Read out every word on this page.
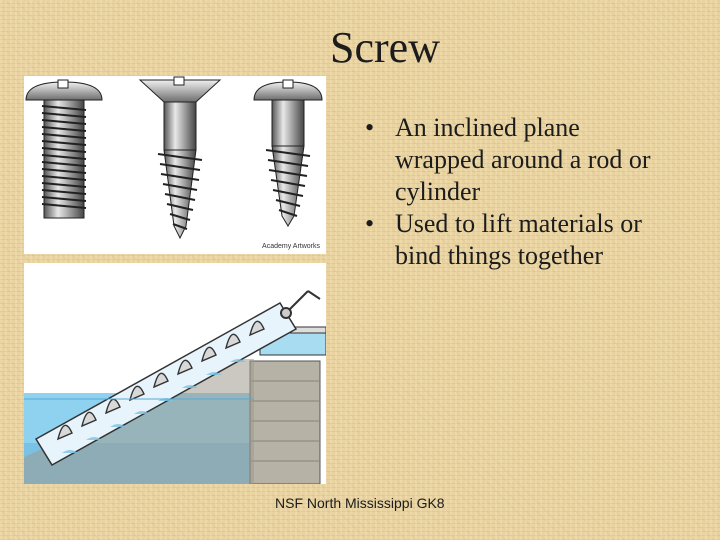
Screw
Academy Artworks
• An inclined plane wrapped around a rod or cylinder
• Used to lift materials or bind things together
NSF North Mississippi GK8
